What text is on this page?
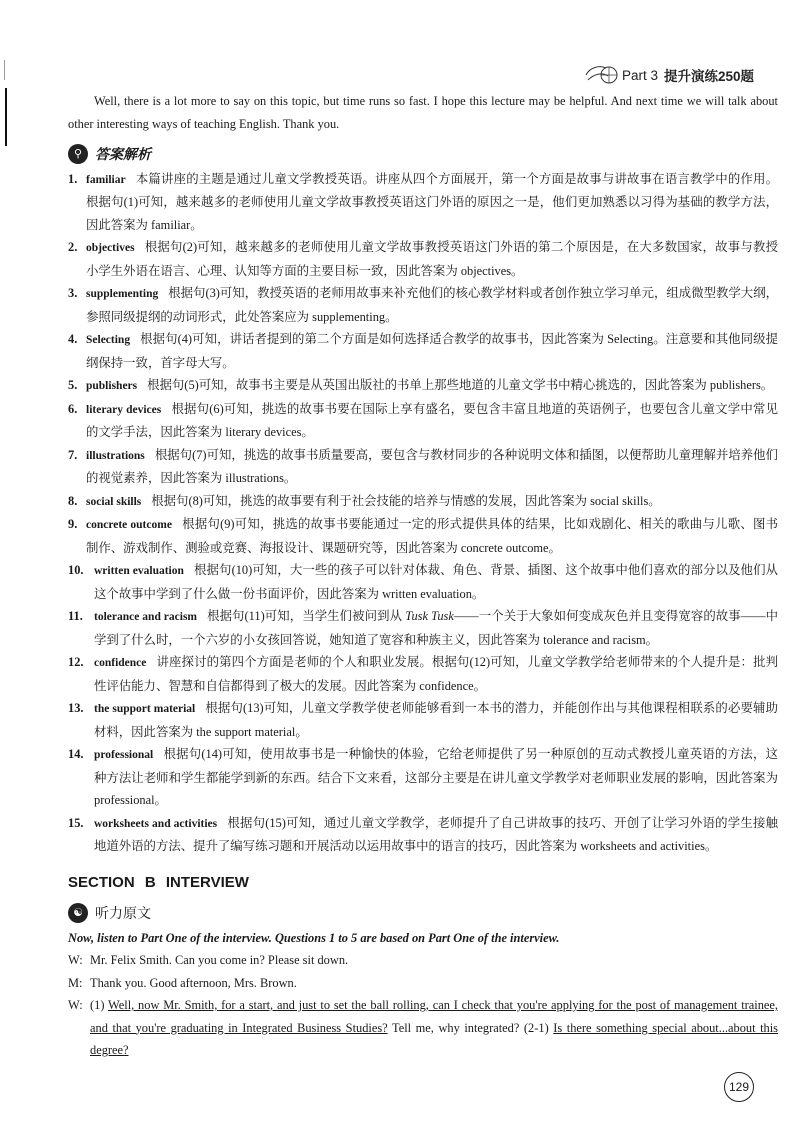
Part 3 提升演练250题

Well, there is a lot more to say on this topic, but time runs so fast. I hope this lecture may be helpful. And next time we will talk about other interesting ways of teaching English. Thank you.

⚲ 答案解析
1. familiar 本篇讲座的主题是通过儿童文学教授英语。讲座从四个方面展开，第一个方面是故事与讲故事在语言教学中的作用。根据句(1)可知，越来越多的老师使用儿童文学故事教授英语这门外语的原因之一是，他们更加熟悉以习得为基础的教学方法，因此答案为 familiar。
2. objectives 根据句(2)可知，越来越多的老师使用儿童文学故事教授英语这门外语的第二个原因是，在大多数国家，故事与教授小学生外语在语言、心理、认知等方面的主要目标一致，因此答案为 objectives。
3. supplementing 根据句(3)可知，教授英语的老师用故事来补充他们的核心教学材料或者创作独立学习单元，组成微型教学大纲，参照同级提纲的动词形式，此处答案应为 supplementing。
4. Selecting 根据句(4)可知，讲话者提到的第二个方面是如何选择适合教学的故事书，因此答案为 Selecting。注意要和其他同级提纲保持一致，首字母大写。
5. publishers 根据句(5)可知，故事书主要是从英国出版社的书单上那些地道的儿童文学书中精心挑选的，因此答案为 publishers。
6. literary devices 根据句(6)可知，挑选的故事书要在国际上享有盛名，要包含丰富且地道的英语例子，也要包含儿童文学中常见的文学手法，因此答案为 literary devices。
7. illustrations 根据句(7)可知，挑选的故事书质量要高，要包含与教材同步的各种说明文体和插图，以便帮助儿童理解并培养他们的视觉素养，因此答案为 illustrations。
8. social skills 根据句(8)可知，挑选的故事要有利于社会技能的培养与情感的发展，因此答案为 social skills。
9. concrete outcome 根据句(9)可知，挑选的故事书要能通过一定的形式提供具体的结果，比如戏剧化、相关的歌曲与儿歌、图书制作、游戏制作、测验或竞赛、海报设计、课题研究等，因此答案为 concrete outcome。
10. written evaluation 根据句(10)可知，大一些的孩子可以针对体裁、角色、背景、插图、这个故事中他们喜欢的部分以及他们从这个故事中学到了什么做一份书面评价，因此答案为 written evaluation。
11. tolerance and racism 根据句(11)可知，当学生们被问到从 Tusk Tusk——一个关于大象如何变成灰色并且变得宽容的故事——中学到了什么时，一个六岁的小女孩回答说，她知道了宽容和种族主义，因此答案为 tolerance and racism。
12. confidence 讲座探讨的第四个方面是老师的个人和职业发展。根据句(12)可知，儿童文学教学给老师带来的个人提升是：批判性评估能力、智慧和自信都得到了极大的发展。因此答案为 confidence。
13. the support material 根据句(13)可知，儿童文学教学使老师能够看到一本书的潜力，并能创作出与其他课程相联系的必要辅助材料，因此答案为 the support material。
14. professional 根据句(14)可知，使用故事书是一种愉快的体验，它给老师提供了另一种原创的互动式教授儿童英语的方法，这种方法让老师和学生都能学到新的东西。结合下文来看，这部分主要是在讲儿童文学教学对老师职业发展的影响，因此答案为 professional。
15. worksheets and activities 根据句(15)可知，通过儿童文学教学，老师提升了自己讲故事的技巧、开创了让学习外语的学生接触地道外语的方法、提升了编写练习题和开展活动以运用故事中的语言的技巧，因此答案为 worksheets and activities。
SECTION B INTERVIEW
☯ 听力原文

Now, listen to Part One of the interview. Questions 1 to 5 are based on Part One of the interview.

W: Mr. Felix Smith. Can you come in? Please sit down.
M: Thank you. Good afternoon, Mrs. Brown.
W: (1) Well, now Mr. Smith, for a start, and just to set the ball rolling, can I check that you're applying for the post of management trainee, and that you're graduating in Integrated Business Studies? Tell me, why integrated? (2-1) Is there something special about...about this degree?
129
